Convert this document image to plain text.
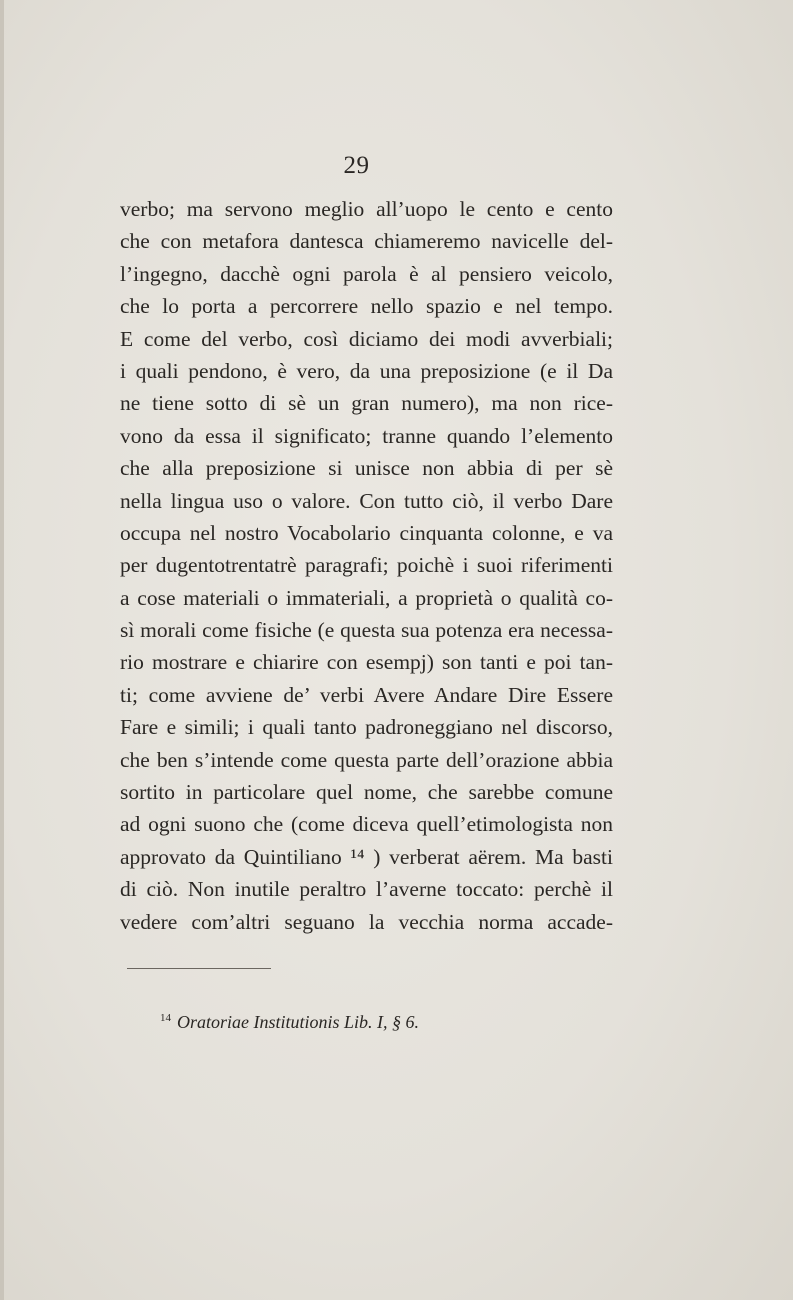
29
verbo; ma servono meglio all’uopo le cento e cento
che con metafora dantesca chiameremo navicelle del-
l’ingegno, dacchè ogni parola è al pensiero veicolo,
che lo porta a percorrere nello spazio e nel tempo.
E come del verbo, così diciamo dei modi avverbiali;
i quali pendono, è vero, da una preposizione (e il Da
ne tiene sotto di sè un gran numero), ma non rice-
vono da essa il significato; tranne quando l’elemento
che alla preposizione si unisce non abbia di per sè
nella lingua uso o valore. Con tutto ciò, il verbo Dare
occupa nel nostro Vocabolario cinquanta colonne, e va
per dugentotrentatrè paragrafi; poichè i suoi riferimenti
a cose materiali o immateriali, a proprietà o qualità co-
sì morali come fisiche (e questa sua potenza era necessa-
rio mostrare e chiarire con esempj) son tanti e poi tan-
ti; come avviene de’ verbi Avere Andare Dire Essere
Fare e simili; i quali tanto padroneggiano nel discorso,
che ben s’intende come questa parte dell’orazione abbia
sortito in particolare quel nome, che sarebbe comune
ad ogni suono che (come diceva quell’etimologista non
approvato da Quintiliano ¹⁴ ) verberat aërem. Ma basti
di ciò. Non inutile peraltro l’averne toccato: perchè il
vedere com’altri seguano la vecchia norma accade-
$^{14}$ Oratoriae Institutionis Lib. I, § 6.
